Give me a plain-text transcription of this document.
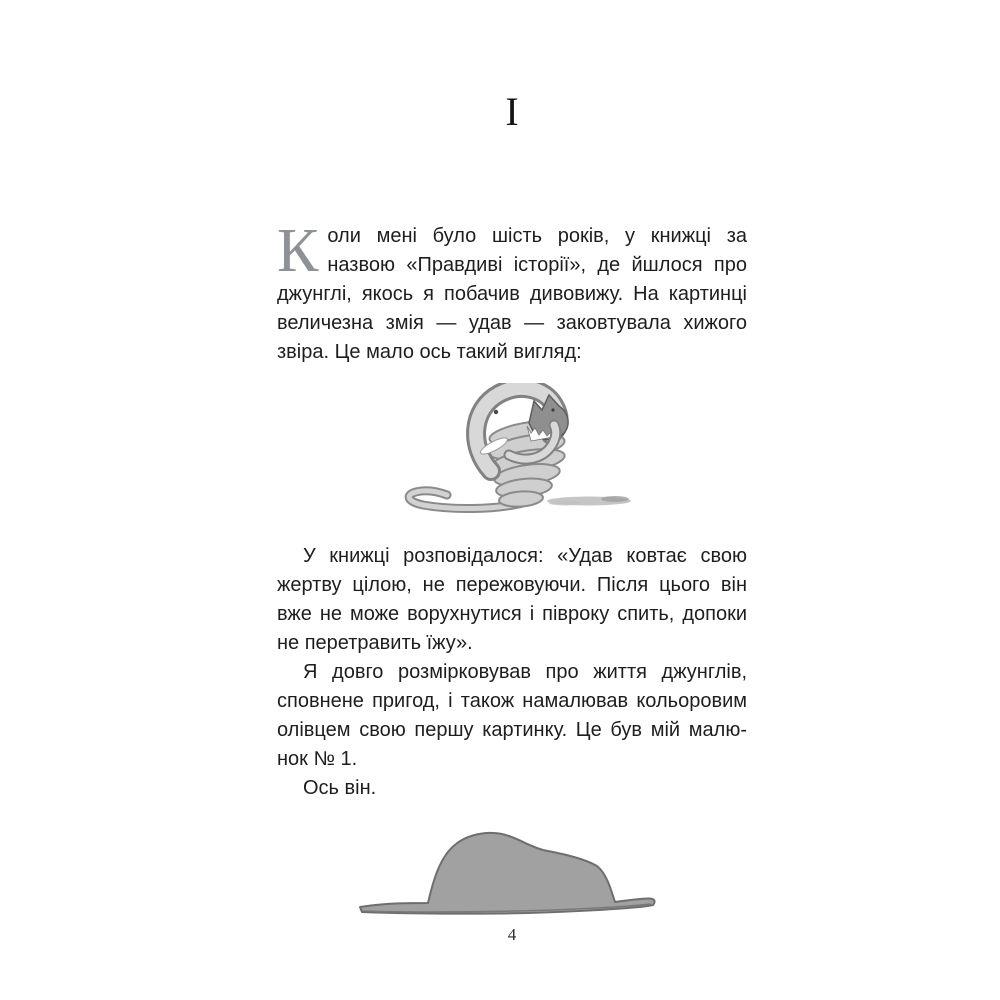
I

Коли мені було шість років, у книжці за назвою «Правдиві історії», де йшлося про джунглі, якось я побачив дивовижу. На картинці величезна змія — удав — заковтувала хижого звіра. Це мало ось такий вигляд:

У книжці розповідалося: «Удав ковтає свою жертву цілою, не пережовуючи. Після цього він вже не може ворухнутися і півроку спить, допоки не перетравить їжу».

Я довго розмірковував про життя джунглів, сповнене пригод, і також намалював кольоровим олівцем свою першу картинку. Це був мій малюнок № 1.

Ось він.

4
